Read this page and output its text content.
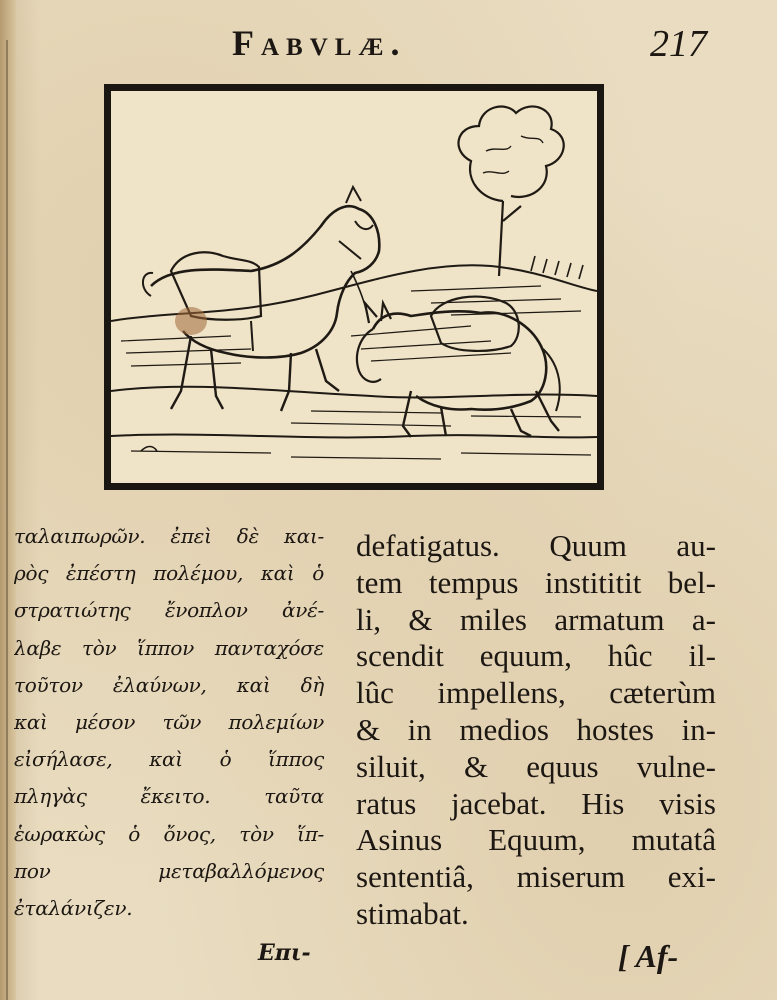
Fabvlæ.	217
ταλαιπωρῶν. ἐπεὶ δὲ και-
ρὸς ἐπέστη πολέμου, καὶ ὁ
στρατιώτης ἔνοπλον ἀνέ-
λαβε τὸν ἵππον πανταχόσε
τοῦτον ἐλαύνων, καὶ δὴ
καὶ μέσον τῶν πολεμίων
εἰσήλασε, καὶ ὁ ἵππος
πληγὰς ἔκειτο. ταῦτα
ἑωρακὼς ὁ ὄνος, τὸν ἵπ-
πον μεταβαλλόμενος
ἐταλάνιζεν.
defatigatus. Quum au-
tem tempus instititit bel-
li, & miles armatum a-
scendit equum, hûc il-
lûc impellens, cæterùm
& in medios hostes in-
siluit, & equus vulne-
ratus jacebat. His visis
Asinus Equum, mutatâ
sententiâ, miserum exi-
stimabat.
Επι-	[ Af-
